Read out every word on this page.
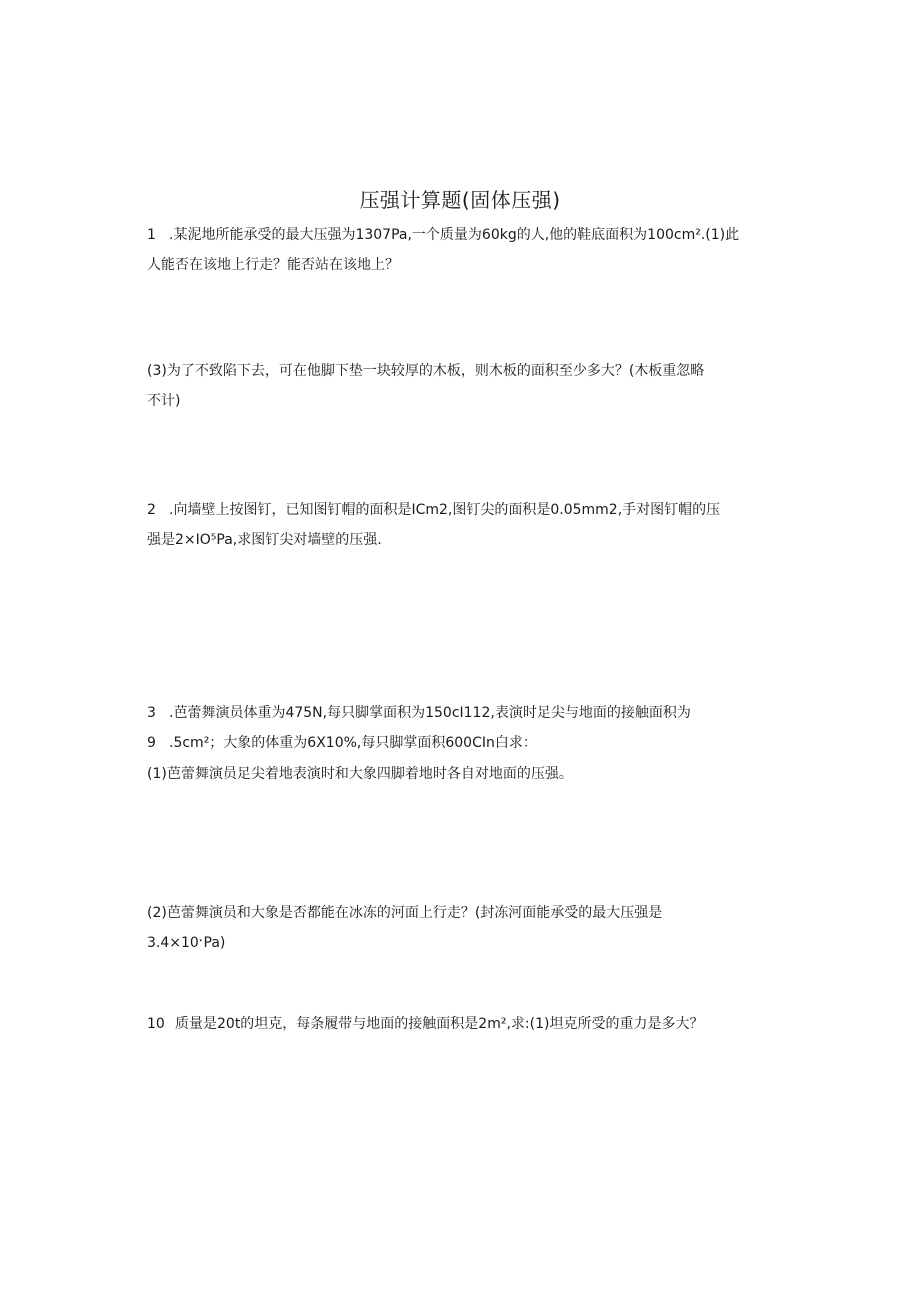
压强计算题(固体压强)
1 .某泥地所能承受的最大压强为1307Pa,一个质量为60kg的人,他的鞋底面积为100cm².(1)此
人能否在该地上行走？能否站在该地上？
(3)为了不致陷下去，可在他脚下垫一块较厚的木板，则木板的面积至少多大？(木板重忽略
不计)
2 .向墙壁上按图钉，已知图钉帽的面积是ICm2,图钉尖的面积是0.05mm2,手对图钉帽的压
强是2×IO⁵Pa,求图钉尖对墙壁的压强.
3 .芭蕾舞演员体重为475N,每只脚掌面积为150cI112,表演时足尖与地面的接触面积为
9 .5cm²；大象的体重为6X10%,每只脚掌面积600CIn白求：
(1)芭蕾舞演员足尖着地表演时和大象四脚着地时各自对地面的压强。
(2)芭蕾舞演员和大象是否都能在冰冻的河面上行走？(封冻河面能承受的最大压强是
3.4×10ˑPa)
10 质量是20t的坦克，每条履带与地面的接触面积是2m²,求:(1)坦克所受的重力是多大？
